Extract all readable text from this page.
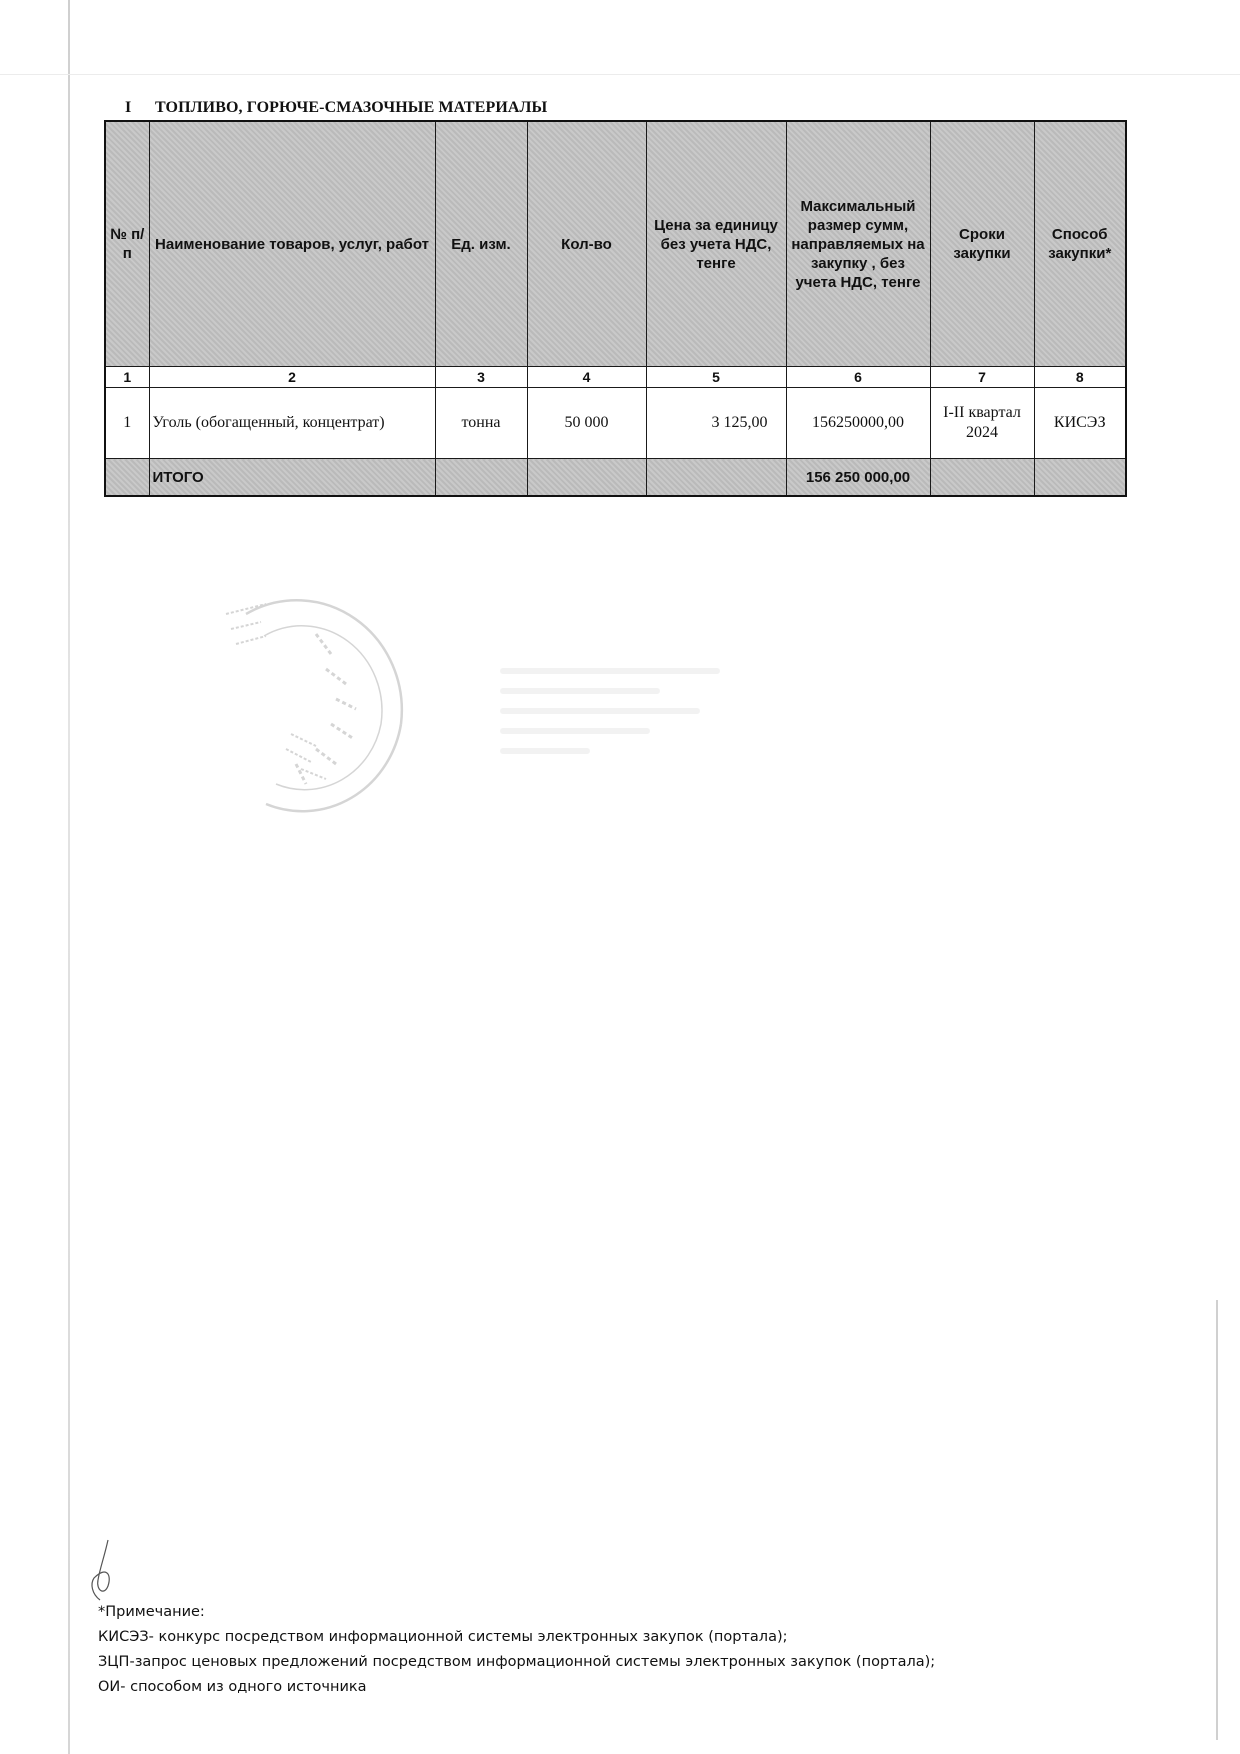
I ТОПЛИВО, ГОРЮЧЕ-СМАЗОЧНЫЕ МАТЕРИАЛЫ
№ п/п	Наименование товаров, услуг, работ	Ед. изм.	Кол-во	Цена за единицу без учета НДС, тенге	Максимальный размер сумм, направляемых на закупку , без учета НДС, тенге	Сроки закупки	Способ закупки*
1	2	3	4	5	6	7	8
1	Уголь (обогащенный, концентрат)	тонна	50 000	3 125,00	156250000,00	I-II квартал 2024	КИСЭЗ
	ИТОГО				156 250 000,00		
*Примечание:
КИСЭЗ- конкурс посредством информационной системы электронных закупок (портала);
ЗЦП-запрос ценовых предложений посредством информационной системы электронных закупок (портала);
ОИ- способом из одного источника
